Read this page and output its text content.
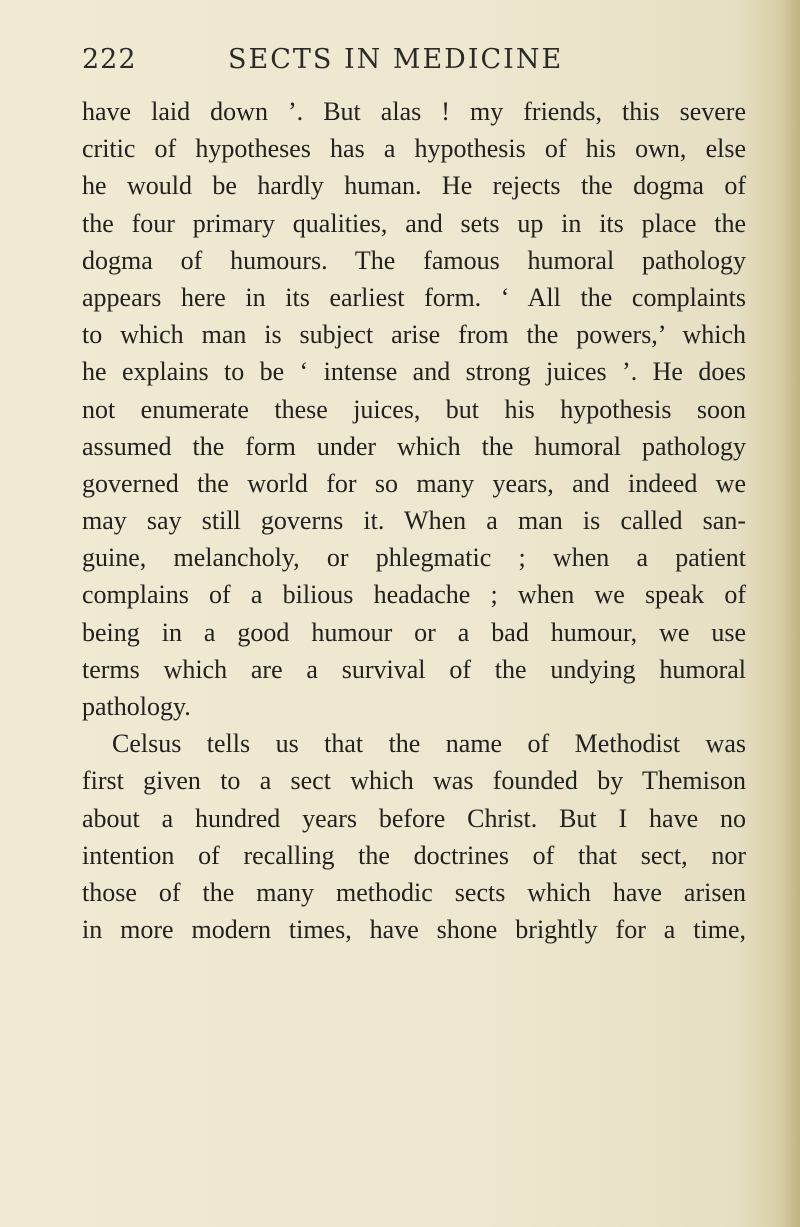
222	SECTS IN MEDICINE
have laid down ’. But alas ! my friends, this severe
critic of hypotheses has a hypothesis of his own, else
he would be hardly human. He rejects the dogma of
the four primary qualities, and sets up in its place the
dogma of humours. The famous humoral pathology
appears here in its earliest form. ‘ All the complaints
to which man is subject arise from the powers,’ which
he explains to be ‘ intense and strong juices ’. He does
not enumerate these juices, but his hypothesis soon
assumed the form under which the humoral pathology
governed the world for so many years, and indeed we
may say still governs it. When a man is called san-
guine, melancholy, or phlegmatic ; when a patient
complains of a bilious headache ; when we speak of
being in a good humour or a bad humour, we use
terms which are a survival of the undying humoral
pathology.
Celsus tells us that the name of Methodist was
first given to a sect which was founded by Themison
about a hundred years before Christ. But I have no
intention of recalling the doctrines of that sect, nor
those of the many methodic sects which have arisen
in more modern times, have shone brightly for a time,
